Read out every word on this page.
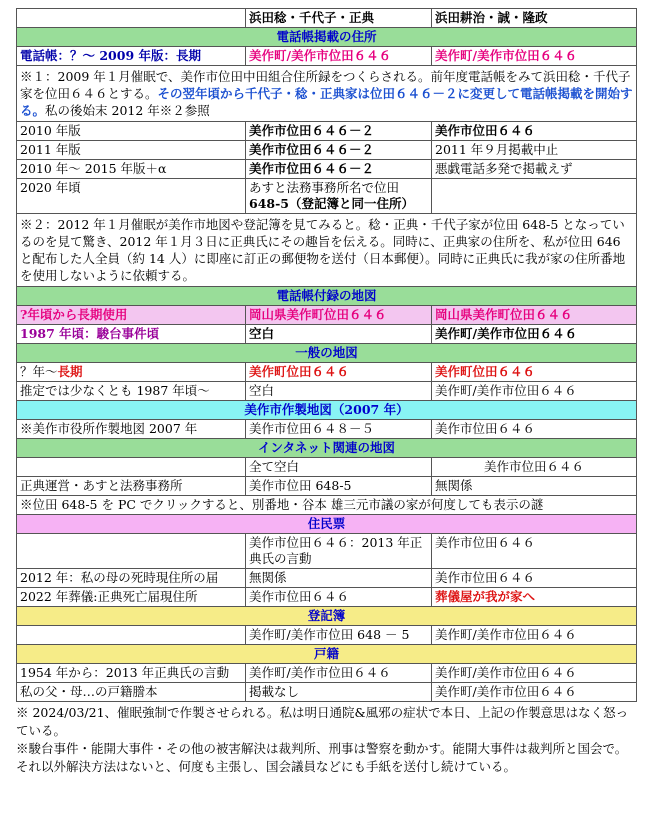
	浜田稔・千代子・正典	浜田耕治・誠・隆政
電話帳掲載の住所		
電話帳：？～ 2009 年版：長期	美作町/美作市位田６４６	美作町/美作市位田６４６
※１：2009 年１月催眠で、美作市位田中田組合住所録をつくらされる。前年度電話帳をみて浜田稔・千代子家を位田６４６とする。その翌年頃から千代子・稔・正典家は位田６４６－２に変更して電話帳掲載を開始する。私の後始末 2012 年※２参照		
2010 年版	美作市位田６４６－２	美作市位田６４６
2011 年版	美作市位田６４６－２	2011 年９月掲載中止
2010 年～ 2015 年版＋α	美作市位田６４６－２	悪戯電話多発で掲載えず
2020 年頃	あすと法務事務所名で位田
648-5（登記簿と同一住所）	
※２：2012 年１月催眠が美作市地図や登記簿を見てみると。稔・正典・千代子家が位田 648-5 となっているのを見て驚き、2012 年１月３日に正典氏にその趣旨を伝える。同時に、正典家の住所を、私が位田 646 と配布した人全員（約 14 人）に即座に訂正の郵便物を送付（日本郵便）。同時に正典氏に我が家の住所番地を使用しないように依頼する。		
電話帳付録の地図		
?年頃から長期使用	岡山県美作町位田６４６	岡山県美作町位田６４６
1987 年頃：駿台事件頃	空白	美作町/美作市位田６４６
一般の地図		
？年～長期	美作町位田６４６	美作町位田６４６
推定では少なくとも 1987 年頃～	空白	美作町/美作市位田６４６
美作市作製地図（2007 年）		
※美作市役所作製地図 2007 年	美作市位田６４８－５	美作市位田６４６
インタネット関連の地図		
	全て空白	美作市位田６４６
正典運営・あすと法務事務所	美作市位田 648-5	無関係
※位田 648-5 を PC でクリックすると、別番地・谷本 雄三元市議の家が何度しても表示の謎		
住民票		
	美作市位田６４６：2013 年正典氏の言動	美作市位田６４６
2012 年：私の母の死時現住所の届	無関係	美作市位田６４６
2022 年葬儀:正典死亡届現住所	美作市位田６４６	葬儀屋が我が家へ
登記簿		
	美作町/美作市位田 648 － 5	美作町/美作市位田６４６
戸籍		
1954 年から：2013 年正典氏の言動	美作町/美作市位田６４６	美作町/美作市位田６４６
私の父・母…の戸籍謄本	掲載なし	美作町/美作市位田６４６

※ 2024/03/21、催眠強制で作製させられる。私は明日通院&風邪の症状で本日、上記の作製意思はなく怒っている。

※駿台事件・能開大事件・その他の被害解決は裁判所、刑事は警察を動かす。能開大事件は裁判所と国会で。それ以外解決方法はないと、何度も主張し、国会議員などにも手紙を送付し続けている。
